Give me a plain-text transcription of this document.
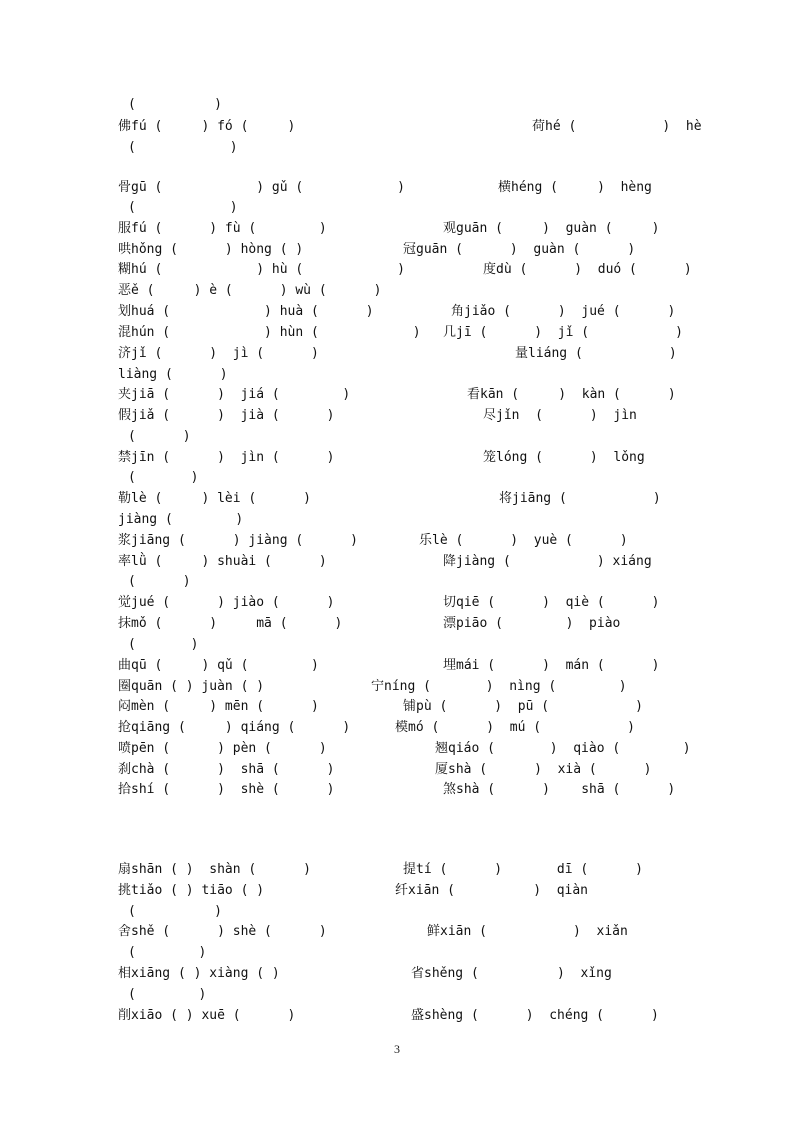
(          )
佛fú (     ) fó (     )	荷hé (           )  hè
(            )
骨gū (            ) gǔ (            )	横héng (     )  hèng
(            )
服fú (      ) fù (        )	观guān (     )  guàn (     )
哄hǒng (      ) hòng ( )	冠guān (      )  guàn (      )
糊hú (            ) hù (            )	度dù (      )  duó (      )
恶ě (     ) è (      ) wù (      )
划huá (            ) huà (      )	角jiǎo (      )  jué (      )
混hún (            ) hùn (            ) 几jī (      )  jǐ (           )
济jǐ (      )  jì (      )	量liáng (           )
liàng (      )
夹jiā (      )  jiá (        )	看kān (     )  kàn (      )
假jiǎ (      )  jià (      )	尽jǐn  (      )  jìn
(      )
禁jīn (      )  jìn (      )	笼lóng (      )  lǒng
(       )
勒lè (     ) lèi (      )	将jiāng (           )
jiàng (        )
浆jiāng (      ) jiàng (      )	乐lè (      )  yuè (      )
率lǜ (     ) shuài (      )	降jiàng (           ) xiáng
(      )
觉jué (      ) jiào (      )	切qiē (      )  qiè (      )
抹mǒ (      )     mā (      )	漂piāo (        )  piào
(       )
曲qū (     ) qǔ (        )	埋mái (      )  mán (      )
圈quān ( ) juàn ( )	宁níng (       )  nìng (        )
闷mèn (     ) mēn (      )	铺pù (      )  pū (           )
抢qiāng (     ) qiáng (      )	模mó (      )  mú (           )
喷pēn (      ) pèn (      )	翘qiáo (       )  qiào (        )
刹chà (      )  shā (      )	厦shà (      )  xià (      )
拾shí (      )  shè (      )	煞shà (      )    shā (      )
扇shān ( )  shàn (      )	提tí (      )       dī (      )
挑tiǎo ( ) tiāo ( )	纤xiān (          )  qiàn
(          )
舍shě (      ) shè (      )	鲜xiān (           )  xiǎn
(        )
相xiāng ( ) xiàng ( )	省shěng (          )  xǐng
(        )
削xiāo ( ) xuē (      )	盛shèng (      )  chéng (      )
3
